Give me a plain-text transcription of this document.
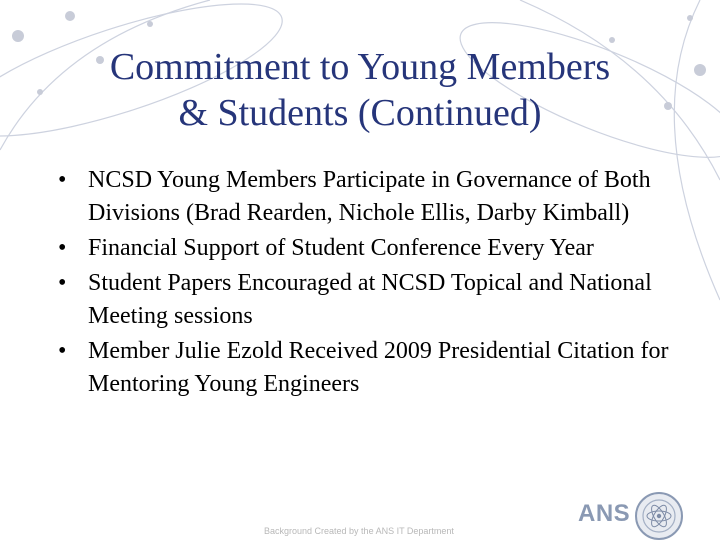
Commitment to Young Members
& Students (Continued)
• NCSD Young Members Participate in Governance of Both Divisions (Brad Rearden, Nichole Ellis, Darby Kimball)
• Financial Support of Student Conference Every Year
• Student Papers Encouraged at NCSD Topical and National Meeting sessions
• Member Julie Ezold Received 2009 Presidential Citation for Mentoring Young Engineers
Background Created by the ANS IT Department
ANS
